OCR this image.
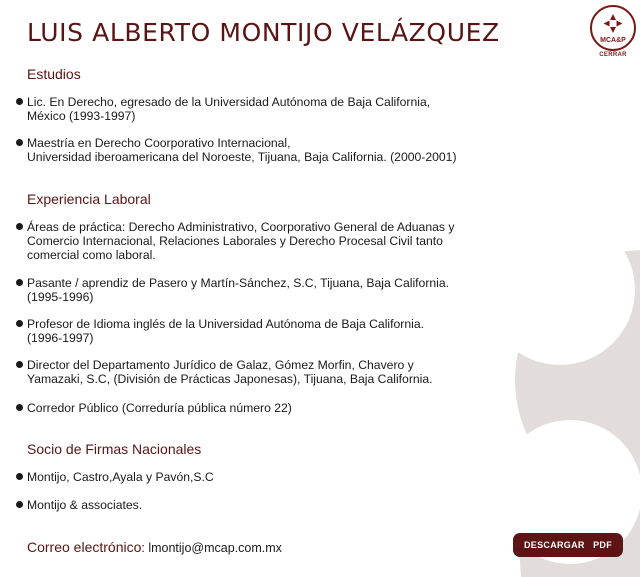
LUIS ALBERTO MONTIJO VELÁZQUEZ	MCA&P
CERRAR
Estudios
Lic. En Derecho, egresado de la Universidad Autónoma de Baja California,
México (1993-1997)
Maestría en Derecho Coorporativo Internacional,
Universidad iberoamericana del Noroeste, Tijuana, Baja California. (2000-2001)
Experiencia Laboral
Áreas de práctica: Derecho Administrativo, Coorporativo General de Aduanas y
Comercio Internacional, Relaciones Laborales y Derecho Procesal Civil tanto
comercial como laboral.
Pasante / aprendiz de Pasero y Martín-Sánchez, S.C, Tijuana, Baja California.
(1995-1996)
Profesor de Idioma inglés de la Universidad Autónoma de Baja California.
(1996-1997)
Director del Departamento Jurídico de Galaz, Gómez Morfin, Chavero y
Yamazaki, S.C, (División de Prácticas Japonesas), Tijuana, Baja California.
Corredor Público (Correduría pública número 22)
Socio de Firmas Nacionales
Montijo, Castro,Ayala y Pavón,S.C
Montijo & associates.
Correo electrónico: lmontijo@mcap.com.mx	DESCARGAR   PDF
